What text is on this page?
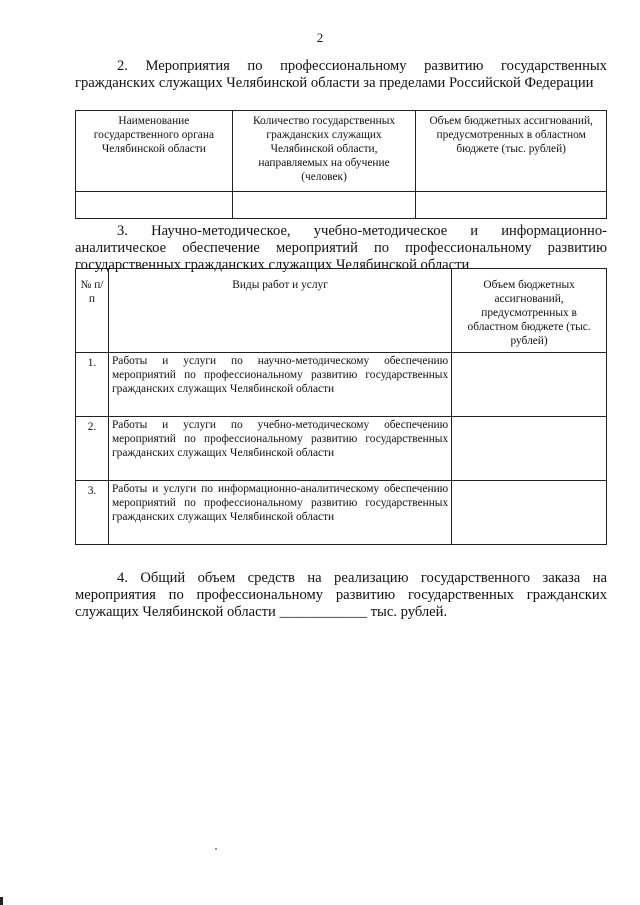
2
2. Мероприятия по профессиональному развитию государственных гражданских служащих Челябинской области за пределами Российской Федерации
Наименование государственного органа Челябинской области	Количество государственных гражданских служащих Челябинской области, направляемых на обучение (человек)	Объем бюджетных ассигнований, предусмотренных в областном бюджете (тыс. рублей)

3. Научно-методическое, учебно-методическое и информационно-аналитическое обеспечение мероприятий по профессиональному развитию государственных гражданских служащих Челябинской области
№ п/п	Виды работ и услуг	Объем бюджетных ассигнований, предусмотренных в областном бюджете (тыс. рублей)
1.	Работы и услуги по научно-методическому обеспечению мероприятий по профессиональному развитию государственных гражданских служащих Челябинской области	
2.	Работы и услуги по учебно-методическому обеспечению мероприятий по профессиональному развитию государственных гражданских служащих Челябинской области	
3.	Работы и услуги по информационно-аналитическому обеспечению мероприятий по профессиональному развитию государственных гражданских служащих Челябинской области	
4. Общий объем средств на реализацию государственного заказа на мероприятия по профессиональному развитию государственных гражданских служащих Челябинской области ____________ тыс. рублей.
